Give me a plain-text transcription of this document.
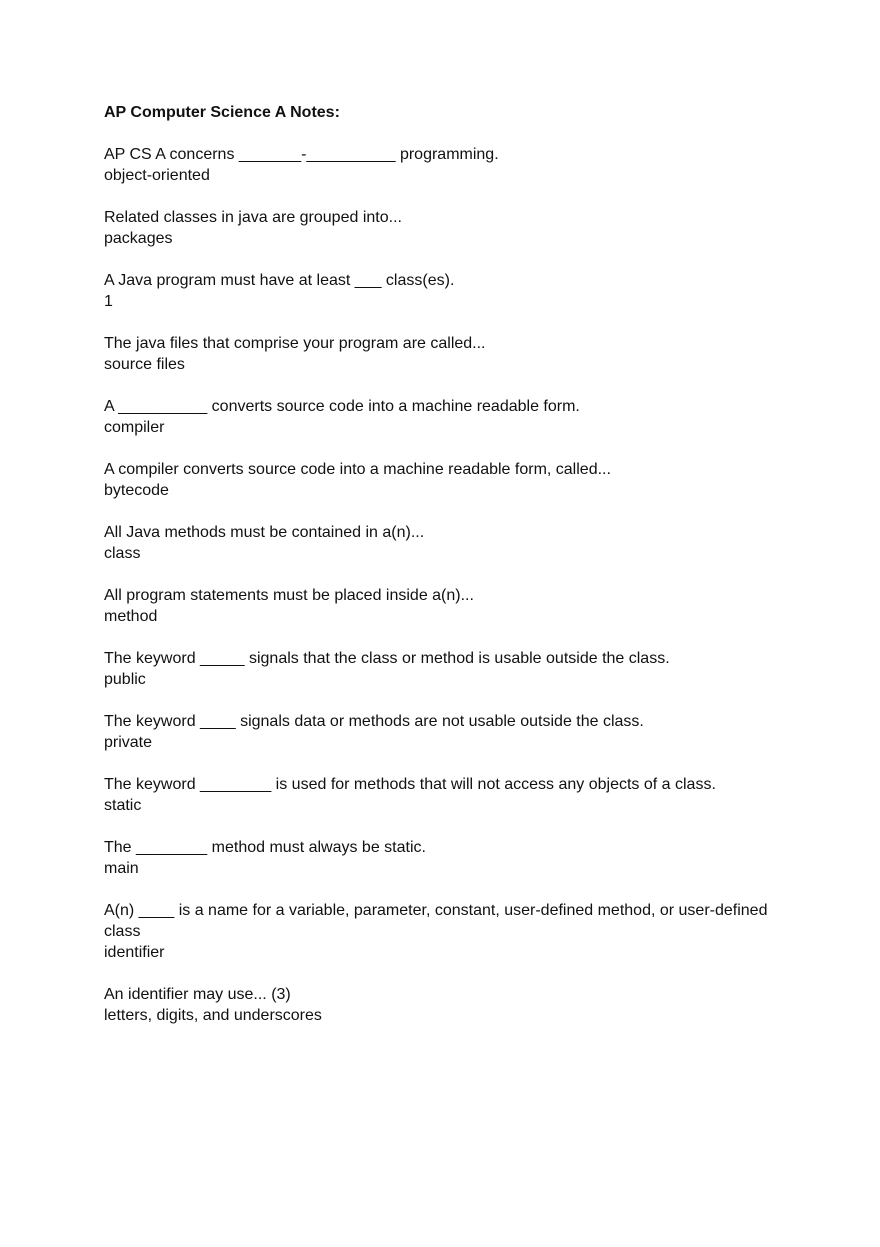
AP Computer Science A Notes:
AP CS A concerns _______-__________ programming.
object-oriented
Related classes in java are grouped into...
packages
A Java program must have at least ___ class(es).
1
The java files that comprise your program are called...
source files
A __________ converts source code into a machine readable form.
compiler
A compiler converts source code into a machine readable form, called...
bytecode
All Java methods must be contained in a(n)...
class
All program statements must be placed inside a(n)...
method
The keyword _____ signals that the class or method is usable outside the class.
public
The keyword ____ signals data or methods are not usable outside the class.
private
The keyword ________ is used for methods that will not access any objects of a class.
static
The ________ method must always be static.
main
A(n) ____ is a name for a variable, parameter, constant, user-defined method, or user-defined class
identifier
An identifier may use... (3)
letters, digits, and underscores
